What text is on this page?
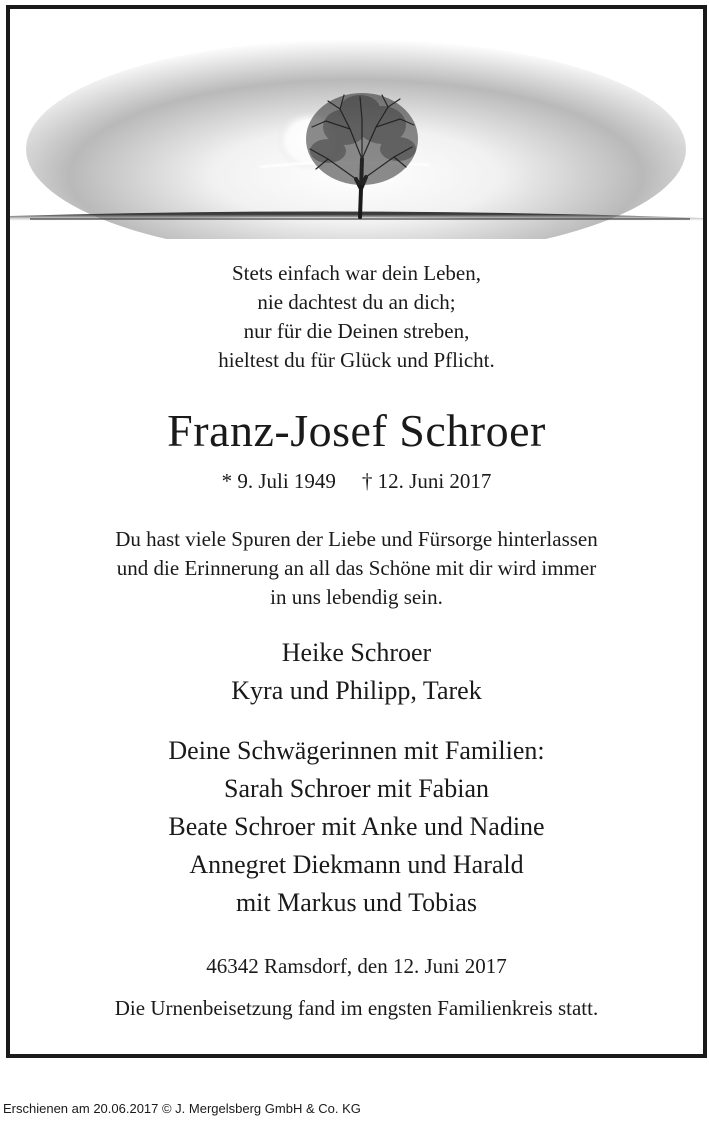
Stets einfach war dein Leben,
nie dachtest du an dich;
nur für die Deinen streben,
hieltest du für Glück und Pflicht.
Franz-Josef Schroer
* 9. Juli 1949 † 12. Juni 2017
Du hast viele Spuren der Liebe und Fürsorge hinterlassen
und die Erinnerung an all das Schöne mit dir wird immer
in uns lebendig sein.
Heike Schroer
Kyra und Philipp, Tarek
Deine Schwägerinnen mit Familien:
Sarah Schroer mit Fabian
Beate Schroer mit Anke und Nadine
Annegret Diekmann und Harald
mit Markus und Tobias
46342 Ramsdorf, den 12. Juni 2017
Die Urnenbeisetzung fand im engsten Familienkreis statt.
Erschienen am 20.06.2017 © J. Mergelsberg GmbH & Co. KG
